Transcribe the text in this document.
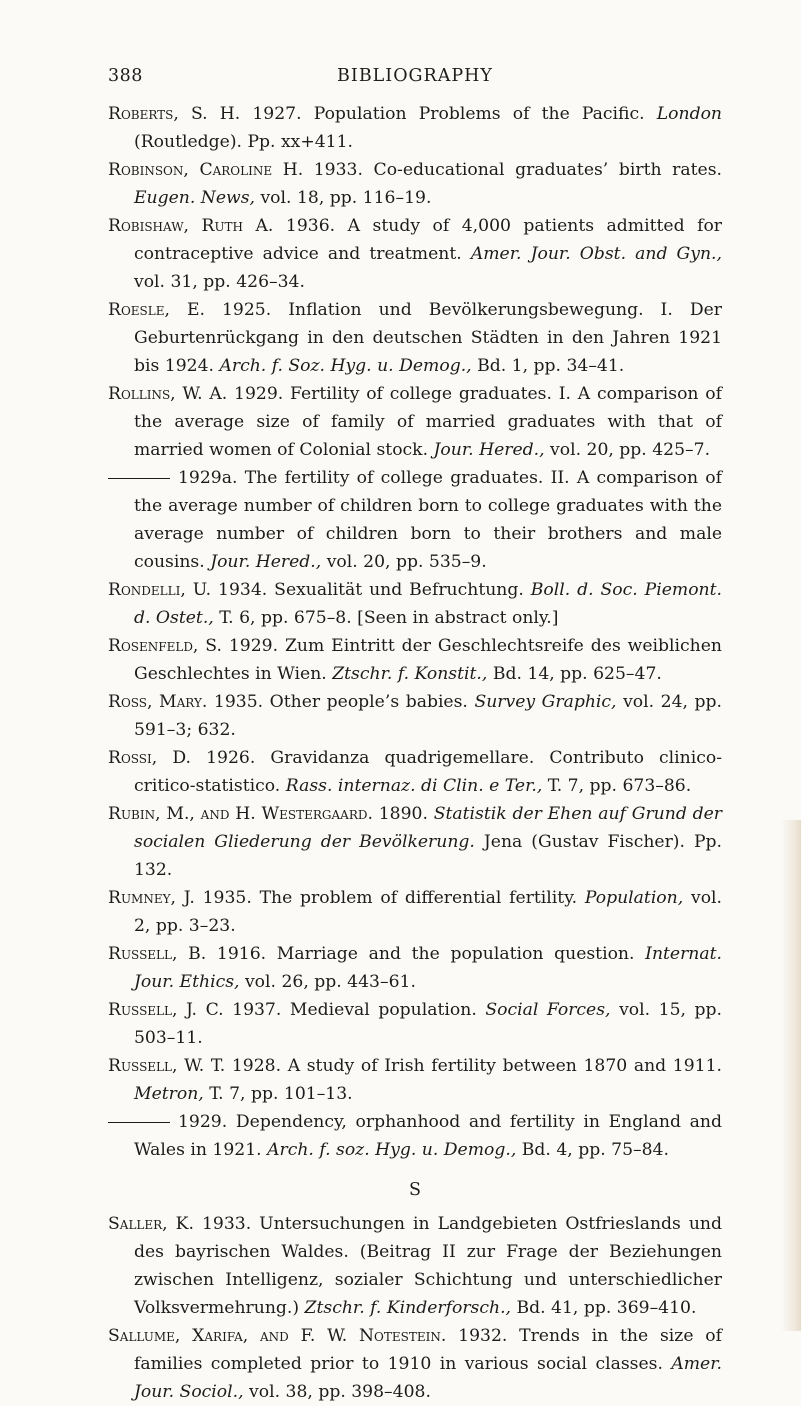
388	BIBLIOGRAPHY

Roberts, S. H. 1927. Population Problems of the Pacific. London (Routledge). Pp. xx+411.

Robinson, Caroline H. 1933. Co-educational graduates’ birth rates. Eugen. News, vol. 18, pp. 116–19.

Robishaw, Ruth A. 1936. A study of 4,000 patients admitted for contraceptive advice and treatment. Amer. Jour. Obst. and Gyn., vol. 31, pp. 426–34.

Roesle, E. 1925. Inflation und Bevölkerungsbewegung. I. Der Geburtenrückgang in den deutschen Städten in den Jahren 1921 bis 1924. Arch. f. Soz. Hyg. u. Demog., Bd. 1, pp. 34–41.

Rollins, W. A. 1929. Fertility of college graduates. I. A comparison of the average size of family of married graduates with that of married women of Colonial stock. Jour. Hered., vol. 20, pp. 425–7.

1929a. The fertility of college graduates. II. A comparison of the average number of children born to college graduates with the average number of children born to their brothers and male cousins. Jour. Hered., vol. 20, pp. 535–9.

Rondelli, U. 1934. Sexualität und Befruchtung. Boll. d. Soc. Piemont. d. Ostet., T. 6, pp. 675–8. [Seen in abstract only.]

Rosenfeld, S. 1929. Zum Eintritt der Geschlechtsreife des weiblichen Geschlechtes in Wien. Ztschr. f. Konstit., Bd. 14, pp. 625–47.

Ross, Mary. 1935. Other people’s babies. Survey Graphic, vol. 24, pp. 591–3; 632.

Rossi, D. 1926. Gravidanza quadrigemellare. Contributo clinico-critico-statistico. Rass. internaz. di Clin. e Ter., T. 7, pp. 673–86.

Rubin, M., and H. Westergaard. 1890. Statistik der Ehen auf Grund der socialen Gliederung der Bevölkerung. Jena (Gustav Fischer). Pp. 132.

Rumney, J. 1935. The problem of differential fertility. Population, vol. 2, pp. 3–23.

Russell, B. 1916. Marriage and the population question. Internat. Jour. Ethics, vol. 26, pp. 443–61.

Russell, J. C. 1937. Medieval population. Social Forces, vol. 15, pp. 503–11.

Russell, W. T. 1928. A study of Irish fertility between 1870 and 1911. Metron, T. 7, pp. 101–13.

1929. Dependency, orphanhood and fertility in England and Wales in 1921. Arch. f. soz. Hyg. u. Demog., Bd. 4, pp. 75–84.

S

Saller, K. 1933. Untersuchungen in Landgebieten Ostfrieslands und des bayrischen Waldes. (Beitrag II zur Frage der Beziehungen zwischen Intelligenz, sozialer Schichtung und unterschiedlicher Volksvermehrung.) Ztschr. f. Kinderforsch., Bd. 41, pp. 369–410.

Sallume, Xarifa, and F. W. Notestein. 1932. Trends in the size of families completed prior to 1910 in various social classes. Amer. Jour. Sociol., vol. 38, pp. 398–408.
